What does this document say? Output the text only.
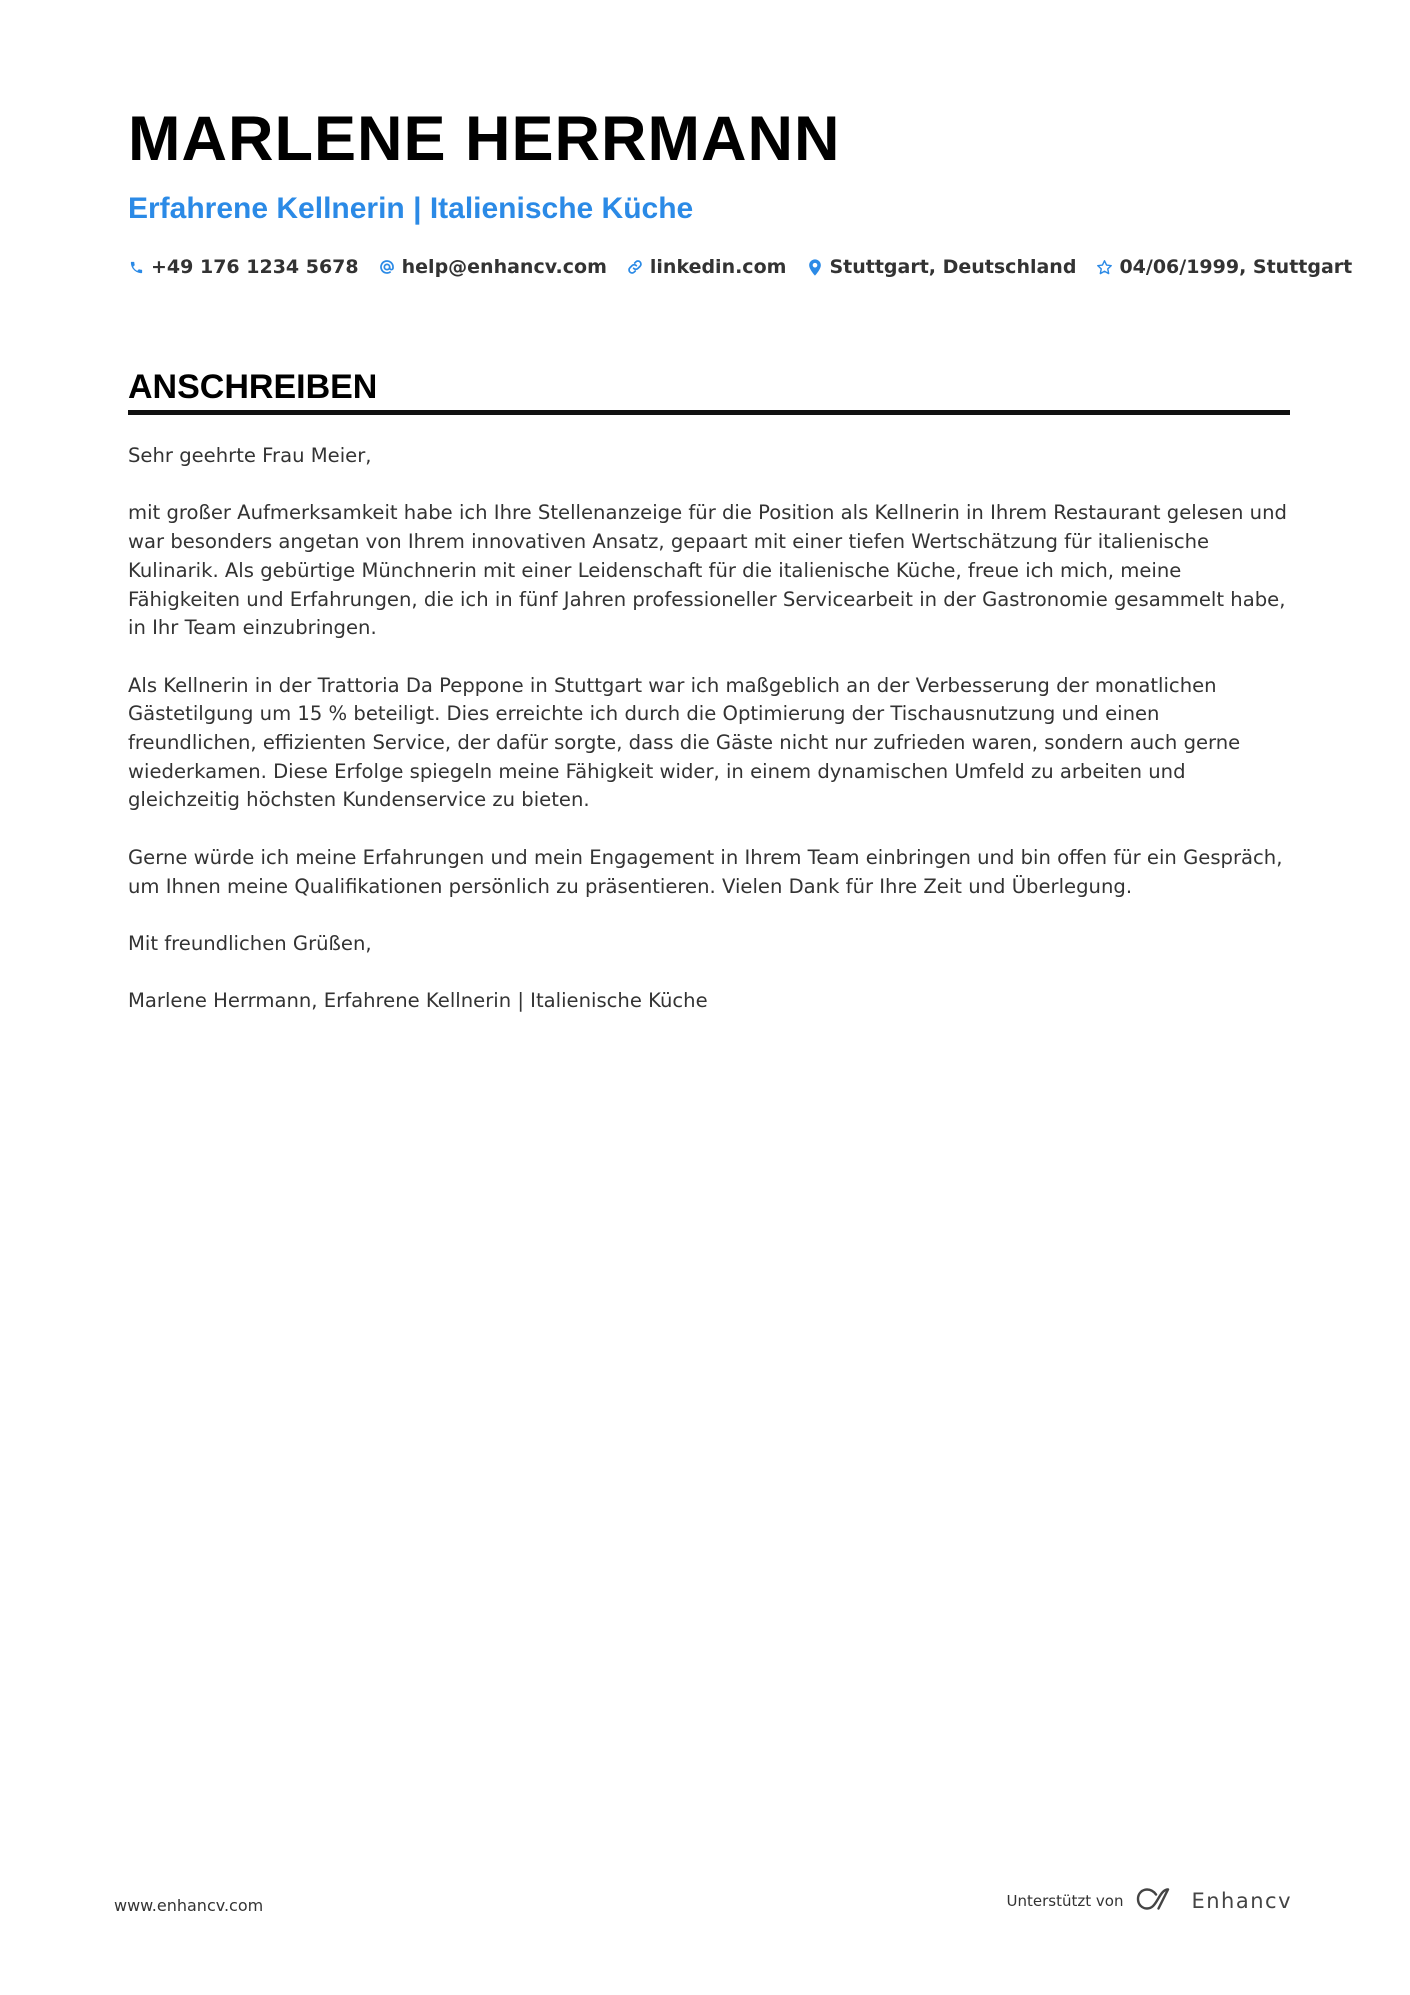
MARLENE HERRMANN
Erfahrene Kellnerin | Italienische Küche
+49 176 1234 5678 help@enhancv.com linkedin.com Stuttgart, Deutschland 04/06/1999, Stuttgart
ANSCHREIBEN

Sehr geehrte Frau Meier,

mit großer Aufmerksamkeit habe ich Ihre Stellenanzeige für die Position als Kellnerin in Ihrem Restaurant gelesen und war besonders angetan von Ihrem innovativen Ansatz, gepaart mit einer tiefen Wertschätzung für italienische Kulinarik. Als gebürtige Münchnerin mit einer Leidenschaft für die italienische Küche, freue ich mich, meine Fähigkeiten und Erfahrungen, die ich in fünf Jahren professioneller Servicearbeit in der Gastronomie gesammelt habe, in Ihr Team einzubringen.

Als Kellnerin in der Trattoria Da Peppone in Stuttgart war ich maßgeblich an der Verbesserung der monatlichen Gästetilgung um 15 % beteiligt. Dies erreichte ich durch die Optimierung der Tischausnutzung und einen freundlichen, effizienten Service, der dafür sorgte, dass die Gäste nicht nur zufrieden waren, sondern auch gerne wiederkamen. Diese Erfolge spiegeln meine Fähigkeit wider, in einem dynamischen Umfeld zu arbeiten und gleichzeitig höchsten Kundenservice zu bieten.

Gerne würde ich meine Erfahrungen und mein Engagement in Ihrem Team einbringen und bin offen für ein Gespräch, um Ihnen meine Qualifikationen persönlich zu präsentieren. Vielen Dank für Ihre Zeit und Überlegung.

Mit freundlichen Grüßen,

Marlene Herrmann, Erfahrene Kellnerin | Italienische Küche

www.enhancv.com	Unterstützt von	Enhancv
